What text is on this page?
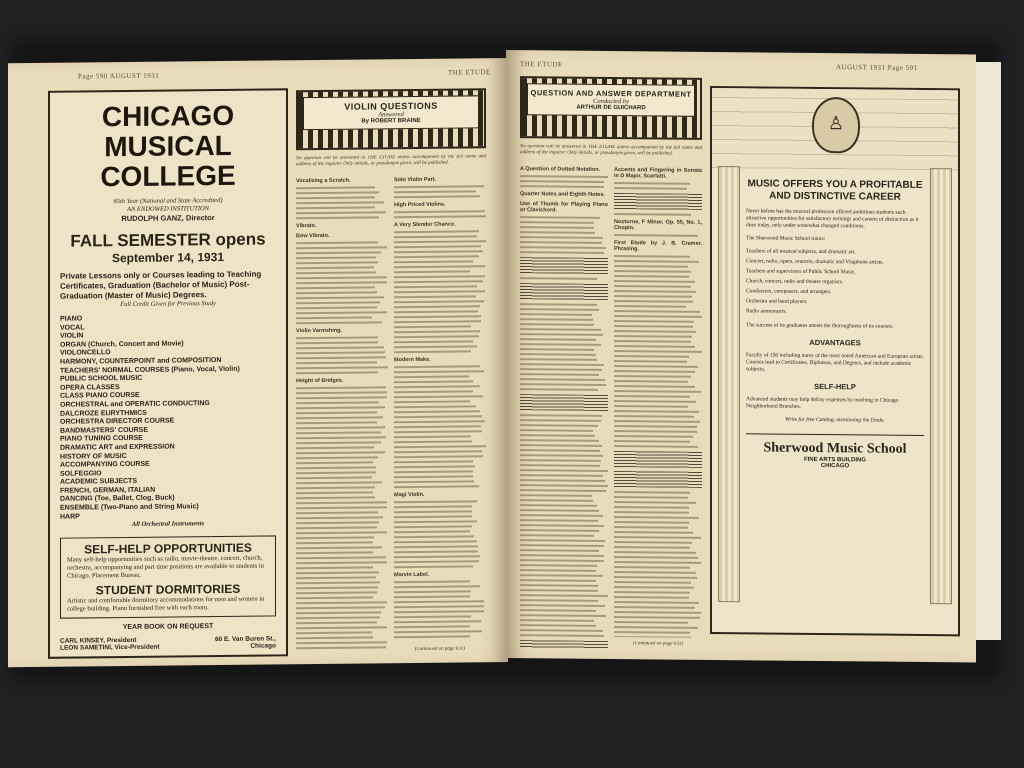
Page 590 AUGUST 1931	THE ETUDE
CHICAGO
MUSICAL
COLLEGE
65th Year (National and State Accredited)
AN ENDOWED INSTITUTION
RUDOLPH GANZ, Director
FALL SEMESTER opens
September 14, 1931
Private Lessons only or Courses leading to Teaching Certificates, Graduation (Bachelor of Music) Post-Graduation (Master of Music) Degrees.
Full Credit Given for Previous Study
PIANO
VOCAL
VIOLIN
ORGAN (Church, Concert and Movie)
VIOLONCELLO
HARMONY, COUNTERPOINT and COMPOSITION
TEACHERS' NORMAL COURSES (Piano, Vocal, Violin)
PUBLIC SCHOOL MUSIC
OPERA CLASSES
CLASS PIANO COURSE
ORCHESTRAL and OPERATIC CONDUCTING
DALCROZE EURYTHMICS
ORCHESTRA DIRECTOR COURSE
BANDMASTERS' COURSE
PIANO TUNING COURSE
DRAMATIC ART and EXPRESSION
HISTORY OF MUSIC
ACCOMPANYING COURSE
SOLFEGGIO
ACADEMIC SUBJECTS
FRENCH, GERMAN, ITALIAN
DANCING (Toe, Ballet, Clog, Buck)
ENSEMBLE (Two-Piano and String Music)
HARP
All Orchestral Instruments
SELF-HELP OPPORTUNITIES
Many self-help opportunities such as radio, movie-theatre, concert, church, orchestra, accompanying and part time positions are available to students in Chicago. Placement Bureau.
STUDENT DORMITORIES
Artistic and comfortable dormitory accommodations for men and women in college building. Piano furnished free with each room.
YEAR BOOK ON REQUEST
CARL KINSEY, President
LEON SAMETINI, Vice-President
60 E. Van Buren St.,
Chicago
VIOLIN QUESTIONS
Answered
By ROBERT BRAINE
No question will be answered in THE ETUDE unless accompanied by the full name and address of the inquirer. Only initials, or pseudonym given, will be published.
Vocalizing a Scratch.
Vibrato.
Bow Vibrato.
Violin Varnishing.
Height of Bridges.
Solo Violin Part.
High Priced Violins.
A Very Slender Chance.
Modern Make.
Magi Violin.
Marvin Label.
(Continued on page 633)
THE ETUDE	AUGUST 1931 Page 591
QUESTION AND ANSWER DEPARTMENT
Conducted by
ARTHUR DE GUICHARD
No question will be answered in THE ETUDE unless accompanied by the full name and address of the inquirer. Only initials, or pseudonym given, will be published.
A Question of Dotted Notation.
Quarter Notes and Eighth Notes.
Use of Thumb for Playing Piano or Clavichord.
Accents and Fingering in Sonata in D Major, Scarlatti.
Nocturne, F Minor, Op. 55, No. 1, Chopin.
First Etude by J. B. Cramer. Phrasing.
(Continued on page 633)
♙
MUSIC OFFERS YOU A PROFITABLE AND DISTINCTIVE CAREER
Never before has the musical profession offered ambitious students such attractive opportunities for satisfactory earnings and careers of distinction as it does today, only under somewhat changed conditions.
The Sherwood Music School trains:
Teachers of all musical subjects, and dramatic art.
Concert, radio, opera, oratorio, dramatic and Vitaphone artists.
Teachers and supervisors of Public School Music.
Church, concert, radio and theater organists.
Conductors, composers, and arrangers.
Orchestra and band players.
Radio announcers.
The success of its graduates attests the thoroughness of its courses.
ADVANTAGES
Faculty of 150 including many of the most noted American and European artists. Courses lead to Certificates, Diplomas, and Degrees, and include academic subjects.
SELF-HELP
Advanced students may help defray expenses by teaching in Chicago Neighborhood Branches.
Write for free Catalog, mentioning the Etude.
Sherwood Music School
FINE ARTS BUILDING
CHICAGO
